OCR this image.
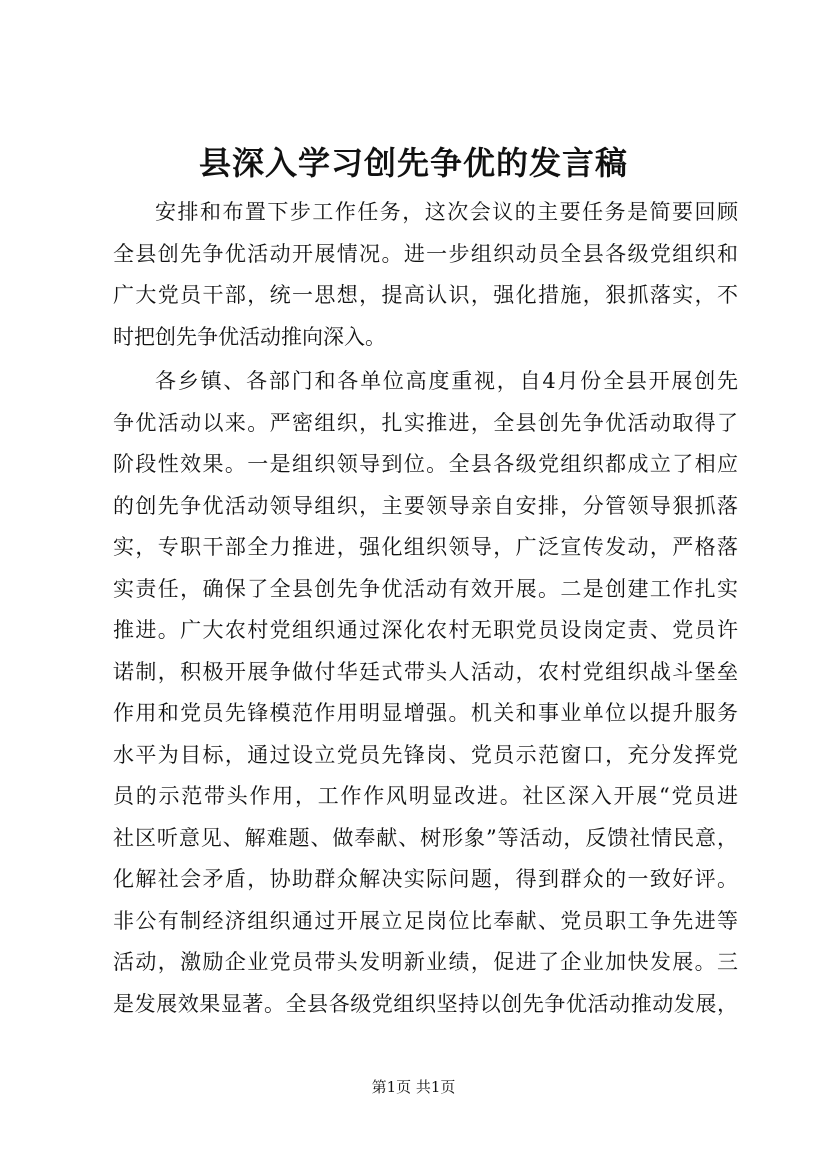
县深入学习创先争优的发言稿
安排和布置下步工作任务，这次会议的主要任务是简要回顾
全县创先争优活动开展情况。进一步组织动员全县各级党组织和
广大党员干部，统一思想，提高认识，强化措施，狠抓落实，不
时把创先争优活动推向深入。
各乡镇、各部门和各单位高度重视，自4月份全县开展创先
争优活动以来。严密组织，扎实推进，全县创先争优活动取得了
阶段性效果。一是组织领导到位。全县各级党组织都成立了相应
的创先争优活动领导组织，主要领导亲自安排，分管领导狠抓落
实，专职干部全力推进，强化组织领导，广泛宣传发动，严格落
实责任，确保了全县创先争优活动有效开展。二是创建工作扎实
推进。广大农村党组织通过深化农村无职党员设岗定责、党员许
诺制，积极开展争做付华廷式带头人活动，农村党组织战斗堡垒
作用和党员先锋模范作用明显增强。机关和事业单位以提升服务
水平为目标，通过设立党员先锋岗、党员示范窗口，充分发挥党
员的示范带头作用，工作作风明显改进。社区深入开展“党员进
社区听意见、解难题、做奉献、树形象”等活动，反馈社情民意，
化解社会矛盾，协助群众解决实际问题，得到群众的一致好评。
非公有制经济组织通过开展立足岗位比奉献、党员职工争先进等
活动，激励企业党员带头发明新业绩，促进了企业加快发展。三
是发展效果显著。全县各级党组织坚持以创先争优活动推动发展，
第1页 共1页
